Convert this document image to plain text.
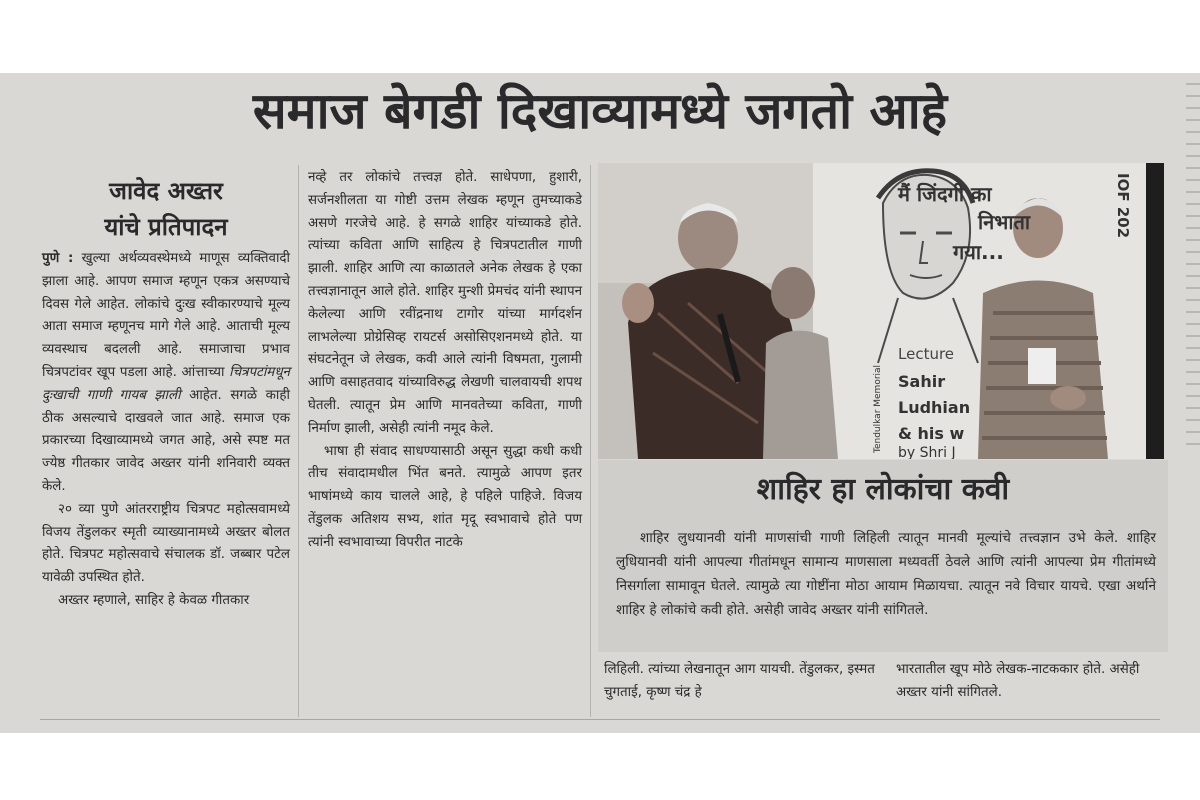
समाज बेगडी दिखाव्यामध्ये जगतो आहे
जावेद अख्तर
यांचे प्रतिपादन

पुणे : खुल्या अर्थव्यवस्थेमध्ये माणूस व्यक्तिवादी झाला आहे. आपण समाज म्हणून एकत्र असण्याचे दिवस गेले आहेत. लोकांचे दुःख स्वीकारण्याचे मूल्य आता समाज म्हणूनच मागे गेले आहे. आताची मूल्य व्यवस्थाच बदलली आहे. समाजाचा प्रभाव चित्रपटांवर खूप पडला आहे. आंत्ताच्या चित्रपटांमधून दुःखाची गाणी गायब झाली आहेत. सगळे काही ठीक असल्याचे दाखवले जात आहे. समाज एक प्रकारच्या दिखाव्यामध्ये जगत आहे, असे स्पष्ट मत ज्येष्ठ गीतकार जावेद अख्तर यांनी शनिवारी व्यक्त केले.

२० व्या पुणे आंतरराष्ट्रीय चित्रपट महोत्सवामध्ये विजय तेंडुलकर स्मृती व्याख्यानामध्ये अख्तर बोलत होते. चित्रपट महोत्सवाचे संचालक डॉ. जब्बार पटेल यावेळी उपस्थित होते.

अख्तर म्हणाले, साहिर हे केवळ गीतकार

नव्हे तर लोकांचे तत्त्वज्ञ होते. साधेपणा, हुशारी, सर्जनशीलता या गोष्टी उत्तम लेखक म्हणून तुमच्याकडे असणे गरजेचे आहे. हे सगळे शाहिर यांच्याकडे होते. त्यांच्या कविता आणि साहित्य हे चित्रपटातील गाणी झाली. शाहिर आणि त्या काळातले अनेक लेखक हे एका तत्त्वज्ञानातून आले होते. शाहिर मुन्शी प्रेमचंद यांनी स्थापन केलेल्या आणि रवींद्रनाथ टागोर यांच्या मार्गदर्शन लाभलेल्या प्रोग्रेसिव्ह रायटर्स असोसिएशनमध्ये होते. या संघटनेतून जे लेखक, कवी आले त्यांनी विषमता, गुलामी आणि वसाहतवाद यांच्याविरुद्ध लेखणी चालवायची शपथ घेतली. त्यातून प्रेम आणि मानवतेच्या कविता, गाणी निर्माण झाली, असेही त्यांनी नमूद केले.

भाषा ही संवाद साधण्यासाठी असून सुद्धा कधी कधी तीच संवादामधील भिंत बनते. त्यामुळे आपण इतर भाषांमध्ये काय चालले आहे, हे पहिले पाहिजे. विजय तेंडुलक अतिशय सभ्य, शांत मृदू स्वभावाचे होते पण त्यांनी स्वभावाच्या विपरीत नाटके

मैं जिंदगी का
निभाता
गया...
Lecture
Sahir
Ludhian
& his w
by Shri J
Tendulkar Memorial
IOF 202
शाहिर हा लोकांचा कवी
शाहिर लुधयानवी यांनी माणसांची गाणी लिहिली त्यातून मानवी मूल्यांचे तत्त्वज्ञान उभे केले. शाहिर लुधियानवी यांनी आपल्या गीतांमधून सामान्य माणसाला मध्यवर्ती ठेवले आणि त्यांनी आपल्या प्रेम गीतांमध्ये निसर्गाला सामावून घेतले. त्यामुळे त्या गोष्टींना मोठा आयाम मिळायचा. त्यातून नवे विचार यायचे. एखा अर्थाने शाहिर हे लोकांचे कवी होते. असेही जावेद अख्तर यांनी सांगितले.
लिहिली. त्यांच्या लेखनातून आग यायची. तेंडुलकर, इस्मत चुगताई, कृष्ण चंद्र हे
भारतातील खूप मोठे लेखक-नाटककार होते. असेही अख्तर यांनी सांगितले.
